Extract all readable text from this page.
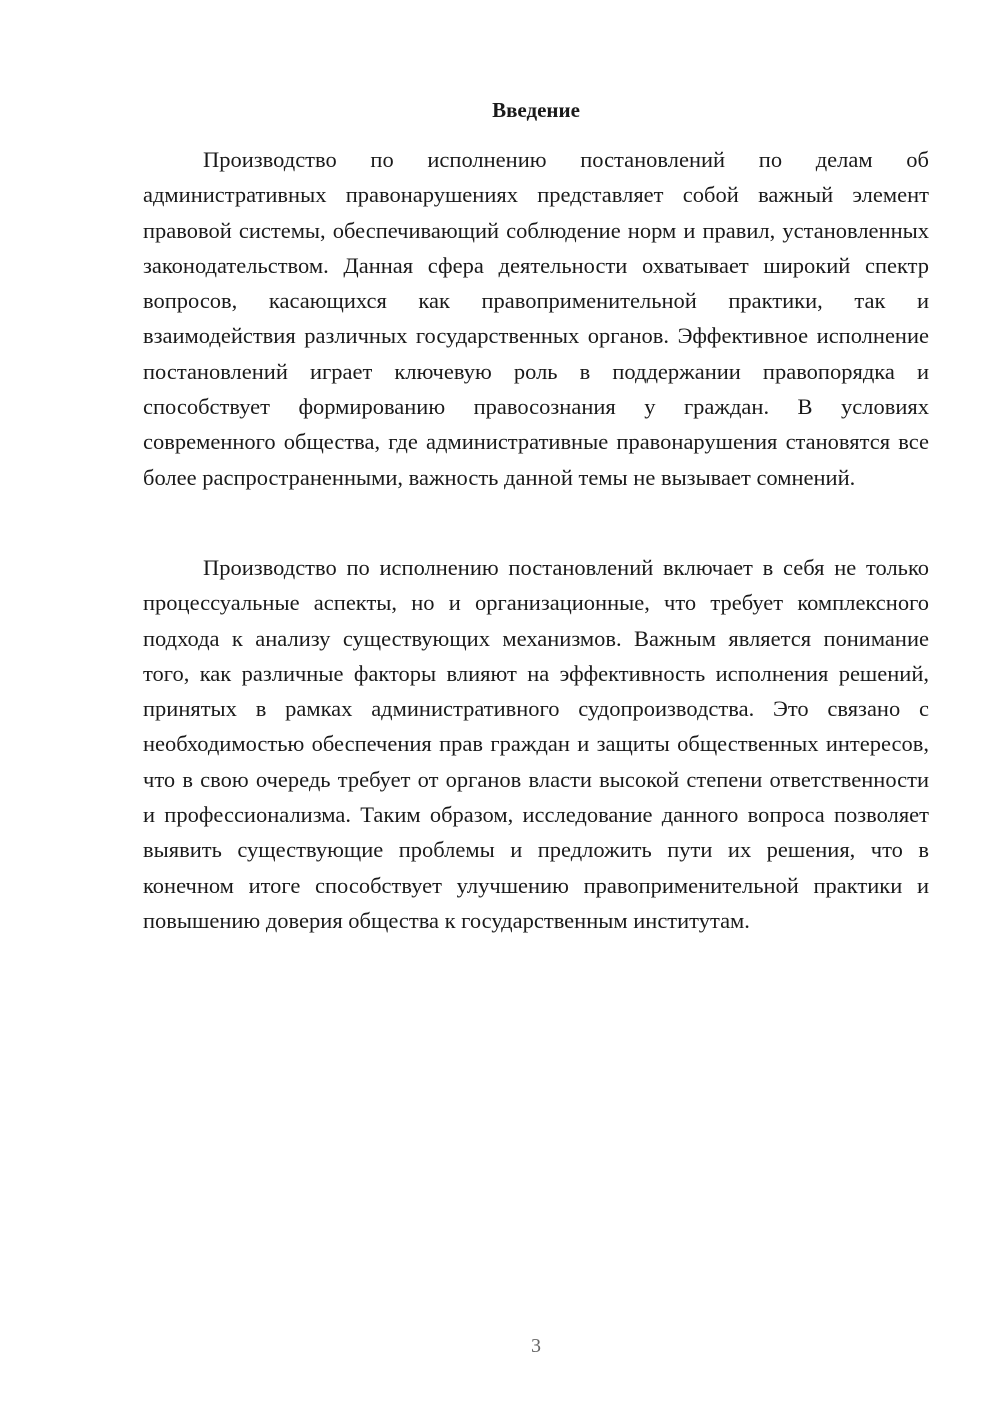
Введение

Производство по исполнению постановлений по делам об административных правонарушениях представляет собой важный элемент правовой системы, обеспечивающий соблюдение норм и правил, установленных законодательством. Данная сфера деятельности охватывает широкий спектр вопросов, касающихся как правоприменительной практики, так и взаимодействия различных государственных органов. Эффективное исполнение постановлений играет ключевую роль в поддержании правопорядка и способствует формированию правосознания у граждан. В условиях современного общества, где административные правонарушения становятся все более распространенными, важность данной темы не вызывает сомнений.

Производство по исполнению постановлений включает в себя не только процессуальные аспекты, но и организационные, что требует комплексного подхода к анализу существующих механизмов. Важным является понимание того, как различные факторы влияют на эффективность исполнения решений, принятых в рамках административного судопроизводства. Это связано с необходимостью обеспечения прав граждан и защиты общественных интересов, что в свою очередь требует от органов власти высокой степени ответственности и профессионализма. Таким образом, исследование данного вопроса позволяет выявить существующие проблемы и предложить пути их решения, что в конечном итоге способствует улучшению правоприменительной практики и повышению доверия общества к государственным институтам.

3
